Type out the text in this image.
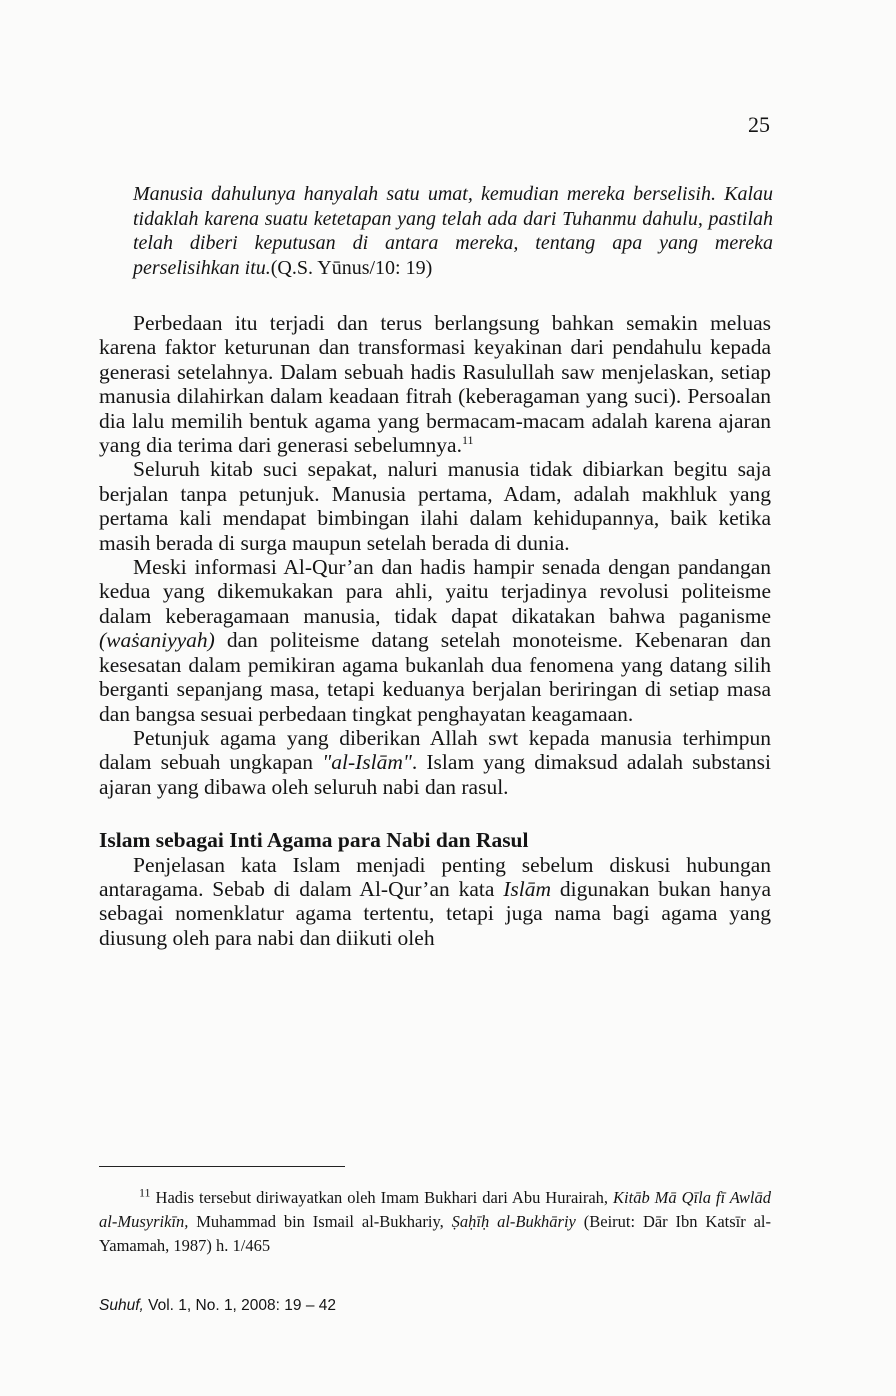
25
Manusia dahulunya hanyalah satu umat, kemudian mereka berselisih. Kalau tidaklah karena suatu ketetapan yang telah ada dari Tuhanmu dahulu, pastilah telah diberi keputusan di antara mereka, tentang apa yang mereka perselisihkan itu.(Q.S. Yūnus/10: 19)

Perbedaan itu terjadi dan terus berlangsung bahkan semakin meluas karena faktor keturunan dan transformasi keyakinan dari pendahulu kepada generasi setelahnya. Dalam sebuah hadis Rasulullah saw menjelaskan, setiap manusia dilahirkan dalam keadaan fitrah (keberagaman yang suci). Persoalan dia lalu memilih bentuk agama yang bermacam-macam adalah karena ajaran yang dia terima dari generasi sebelumnya.$^{11}$

Seluruh kitab suci sepakat, naluri manusia tidak dibiarkan begitu saja berjalan tanpa petunjuk. Manusia pertama, Adam, adalah makhluk yang pertama kali mendapat bimbingan ilahi dalam kehidupannya, baik ketika masih berada di surga maupun setelah berada di dunia.

Meski informasi Al-Qur’an dan hadis hampir senada dengan pandangan kedua yang dikemukakan para ahli, yaitu terjadinya revolusi politeisme dalam keberagamaan manusia, tidak dapat dikatakan bahwa paganisme (waṡaniyyah) dan politeisme datang setelah monoteisme. Kebenaran dan kesesatan dalam pemikiran agama bukanlah dua fenomena yang datang silih berganti sepanjang masa, tetapi keduanya berjalan beriringan di setiap masa dan bangsa sesuai perbedaan tingkat penghayatan keagamaan.

Petunjuk agama yang diberikan Allah swt kepada manusia terhimpun dalam sebuah ungkapan "al-Islām". Islam yang dimaksud adalah substansi ajaran yang dibawa oleh seluruh nabi dan rasul.

Islam sebagai Inti Agama para Nabi dan Rasul

Penjelasan kata Islam menjadi penting sebelum diskusi hubungan antaragama. Sebab di dalam Al-Qur’an kata Islām digunakan bukan hanya sebagai nomenklatur agama tertentu, tetapi juga nama bagi agama yang diusung oleh para nabi dan diikuti oleh

$^{11}$ Hadis tersebut diriwayatkan oleh Imam Bukhari dari Abu Hurairah, Kitāb Mā Qīla fī Awlād al-Musyrikīn, Muhammad bin Ismail al-Bukhariy, Ṣaḥīḥ al-Bukhāriy (Beirut: Dār Ibn Katsīr al-Yamamah, 1987) h. 1/465
Suhuf, Vol. 1, No. 1, 2008: 19 – 42
